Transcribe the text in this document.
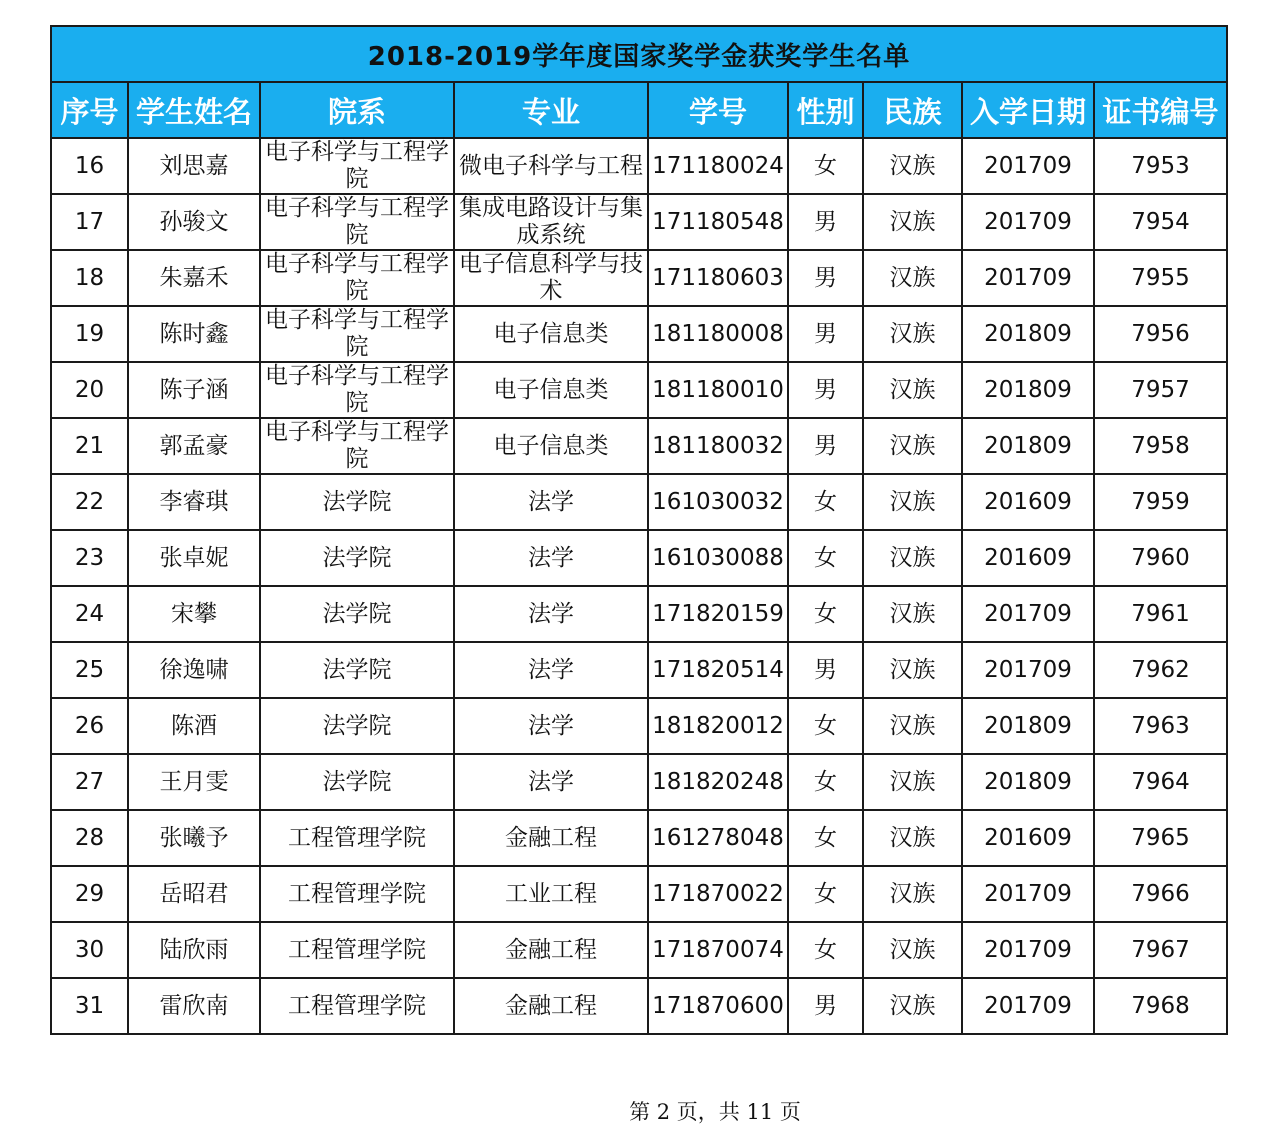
2018-2019学年度国家奖学金获奖学生名单								
序号	学生姓名	院系	专业	学号	性别	民族	入学日期	证书编号
16	刘思嘉	电子科学与工程学院	微电子科学与工程	171180024	女	汉族	201709	7953
17	孙骏文	电子科学与工程学院	集成电路设计与集成系统	171180548	男	汉族	201709	7954
18	朱嘉禾	电子科学与工程学院	电子信息科学与技术	171180603	男	汉族	201709	7955
19	陈时鑫	电子科学与工程学院	电子信息类	181180008	男	汉族	201809	7956
20	陈子涵	电子科学与工程学院	电子信息类	181180010	男	汉族	201809	7957
21	郭孟豪	电子科学与工程学院	电子信息类	181180032	男	汉族	201809	7958
22	李睿琪	法学院	法学	161030032	女	汉族	201609	7959
23	张卓妮	法学院	法学	161030088	女	汉族	201609	7960
24	宋攀	法学院	法学	171820159	女	汉族	201709	7961
25	徐逸啸	法学院	法学	171820514	男	汉族	201709	7962
26	陈酒	法学院	法学	181820012	女	汉族	201809	7963
27	王月雯	法学院	法学	181820248	女	汉族	201809	7964
28	张曦予	工程管理学院	金融工程	161278048	女	汉族	201609	7965
29	岳昭君	工程管理学院	工业工程	171870022	女	汉族	201709	7966
30	陆欣雨	工程管理学院	金融工程	171870074	女	汉族	201709	7967
31	雷欣南	工程管理学院	金融工程	171870600	男	汉族	201709	7968
第 2 页，共 11 页
